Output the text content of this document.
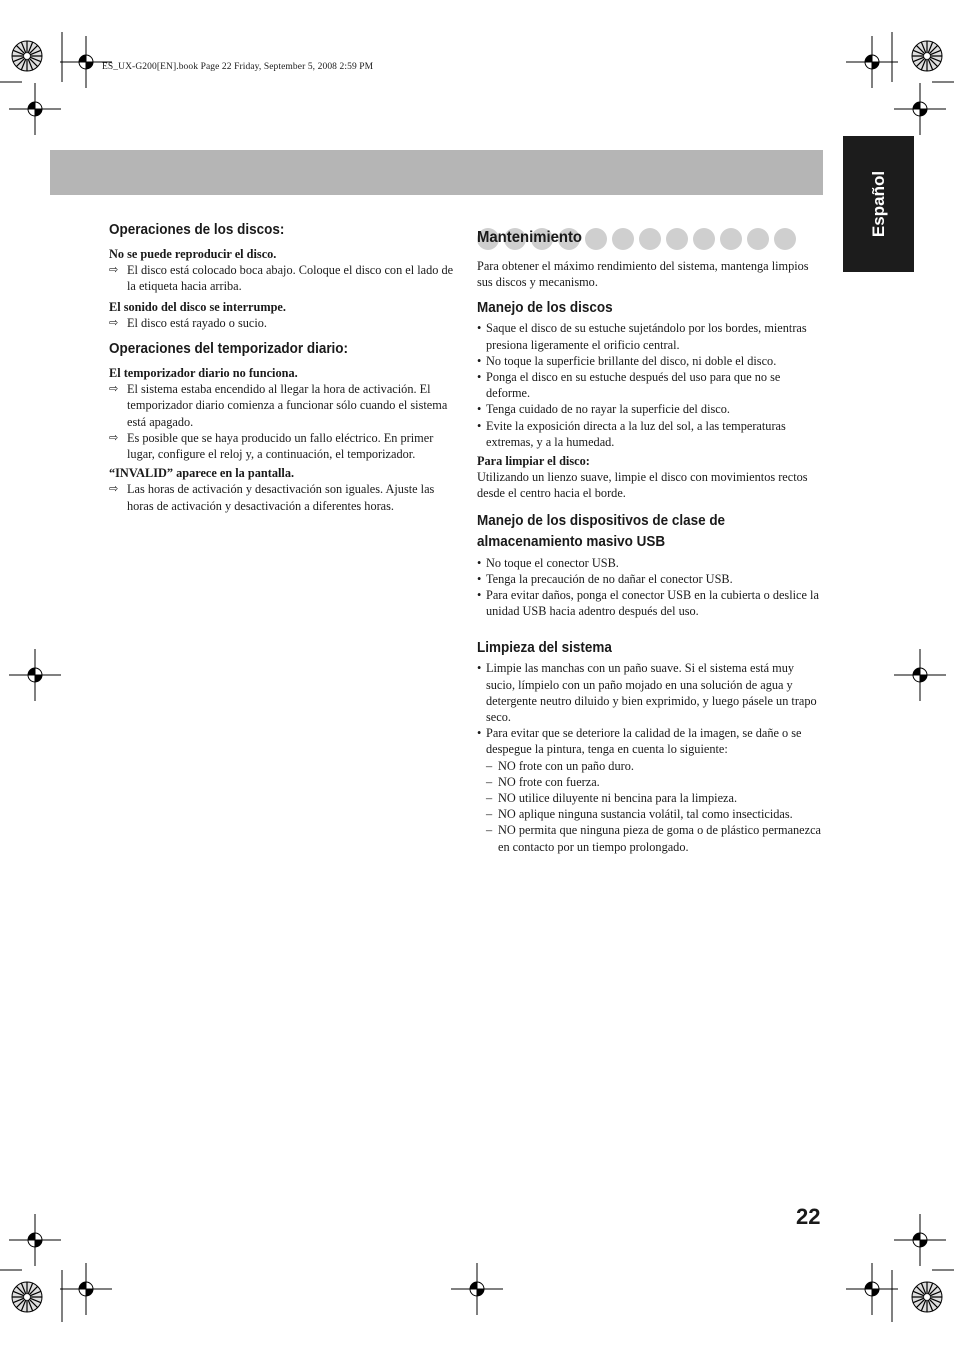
ES_UX-G200[EN].book Page 22 Friday, September 5, 2008 2:59 PM
Español
Operaciones de los discos:
No se puede reproducir el disco.
⇨ El disco está colocado boca abajo. Coloque el disco con el lado de la etiqueta hacia arriba.
El sonido del disco se interrumpe.
⇨ El disco está rayado o sucio.
Operaciones del temporizador diario:
El temporizador diario no funciona.
⇨ El sistema estaba encendido al llegar la hora de activación. El temporizador diario comienza a funcionar sólo cuando el sistema está apagado.
⇨ Es posible que se haya producido un fallo eléctrico. En primer lugar, configure el reloj y, a continuación, el temporizador.
“INVALID” aparece en la pantalla.
⇨ Las horas de activación y desactivación son iguales. Ajuste las horas de activación y desactivación a diferentes horas.
Mantenimiento
Para obtener el máximo rendimiento del sistema, mantenga limpios sus discos y mecanismo.
Manejo de los discos
• Saque el disco de su estuche sujetándolo por los bordes, mientras presiona ligeramente el orificio central.
• No toque la superficie brillante del disco, ni doble el disco.
• Ponga el disco en su estuche después del uso para que no se deforme.
• Tenga cuidado de no rayar la superficie del disco.
• Evite la exposición directa a la luz del sol, a las temperaturas extremas, y a la humedad.
Para limpiar el disco:
Utilizando un lienzo suave, limpie el disco con movimientos rectos desde el centro hacia el borde.
Manejo de los dispositivos de clase de almacenamiento masivo USB
• No toque el conector USB.
• Tenga la precaución de no dañar el conector USB.
• Para evitar daños, ponga el conector USB en la cubierta o deslice la unidad USB hacia adentro después del uso.
Limpieza del sistema
• Limpie las manchas con un paño suave. Si el sistema está muy sucio, límpielo con un paño mojado en una solución de agua y detergente neutro diluido y bien exprimido, y luego pásele un trapo seco.
• Para evitar que se deteriore la calidad de la imagen, se dañe o se despegue la pintura, tenga en cuenta lo siguiente:
– NO frote con un paño duro.
– NO frote con fuerza.
– NO utilice diluyente ni bencina para la limpieza.
– NO aplique ninguna sustancia volátil, tal como insecticidas.
– NO permita que ninguna pieza de goma o de plástico permanezca en contacto por un tiempo prolongado.
22
